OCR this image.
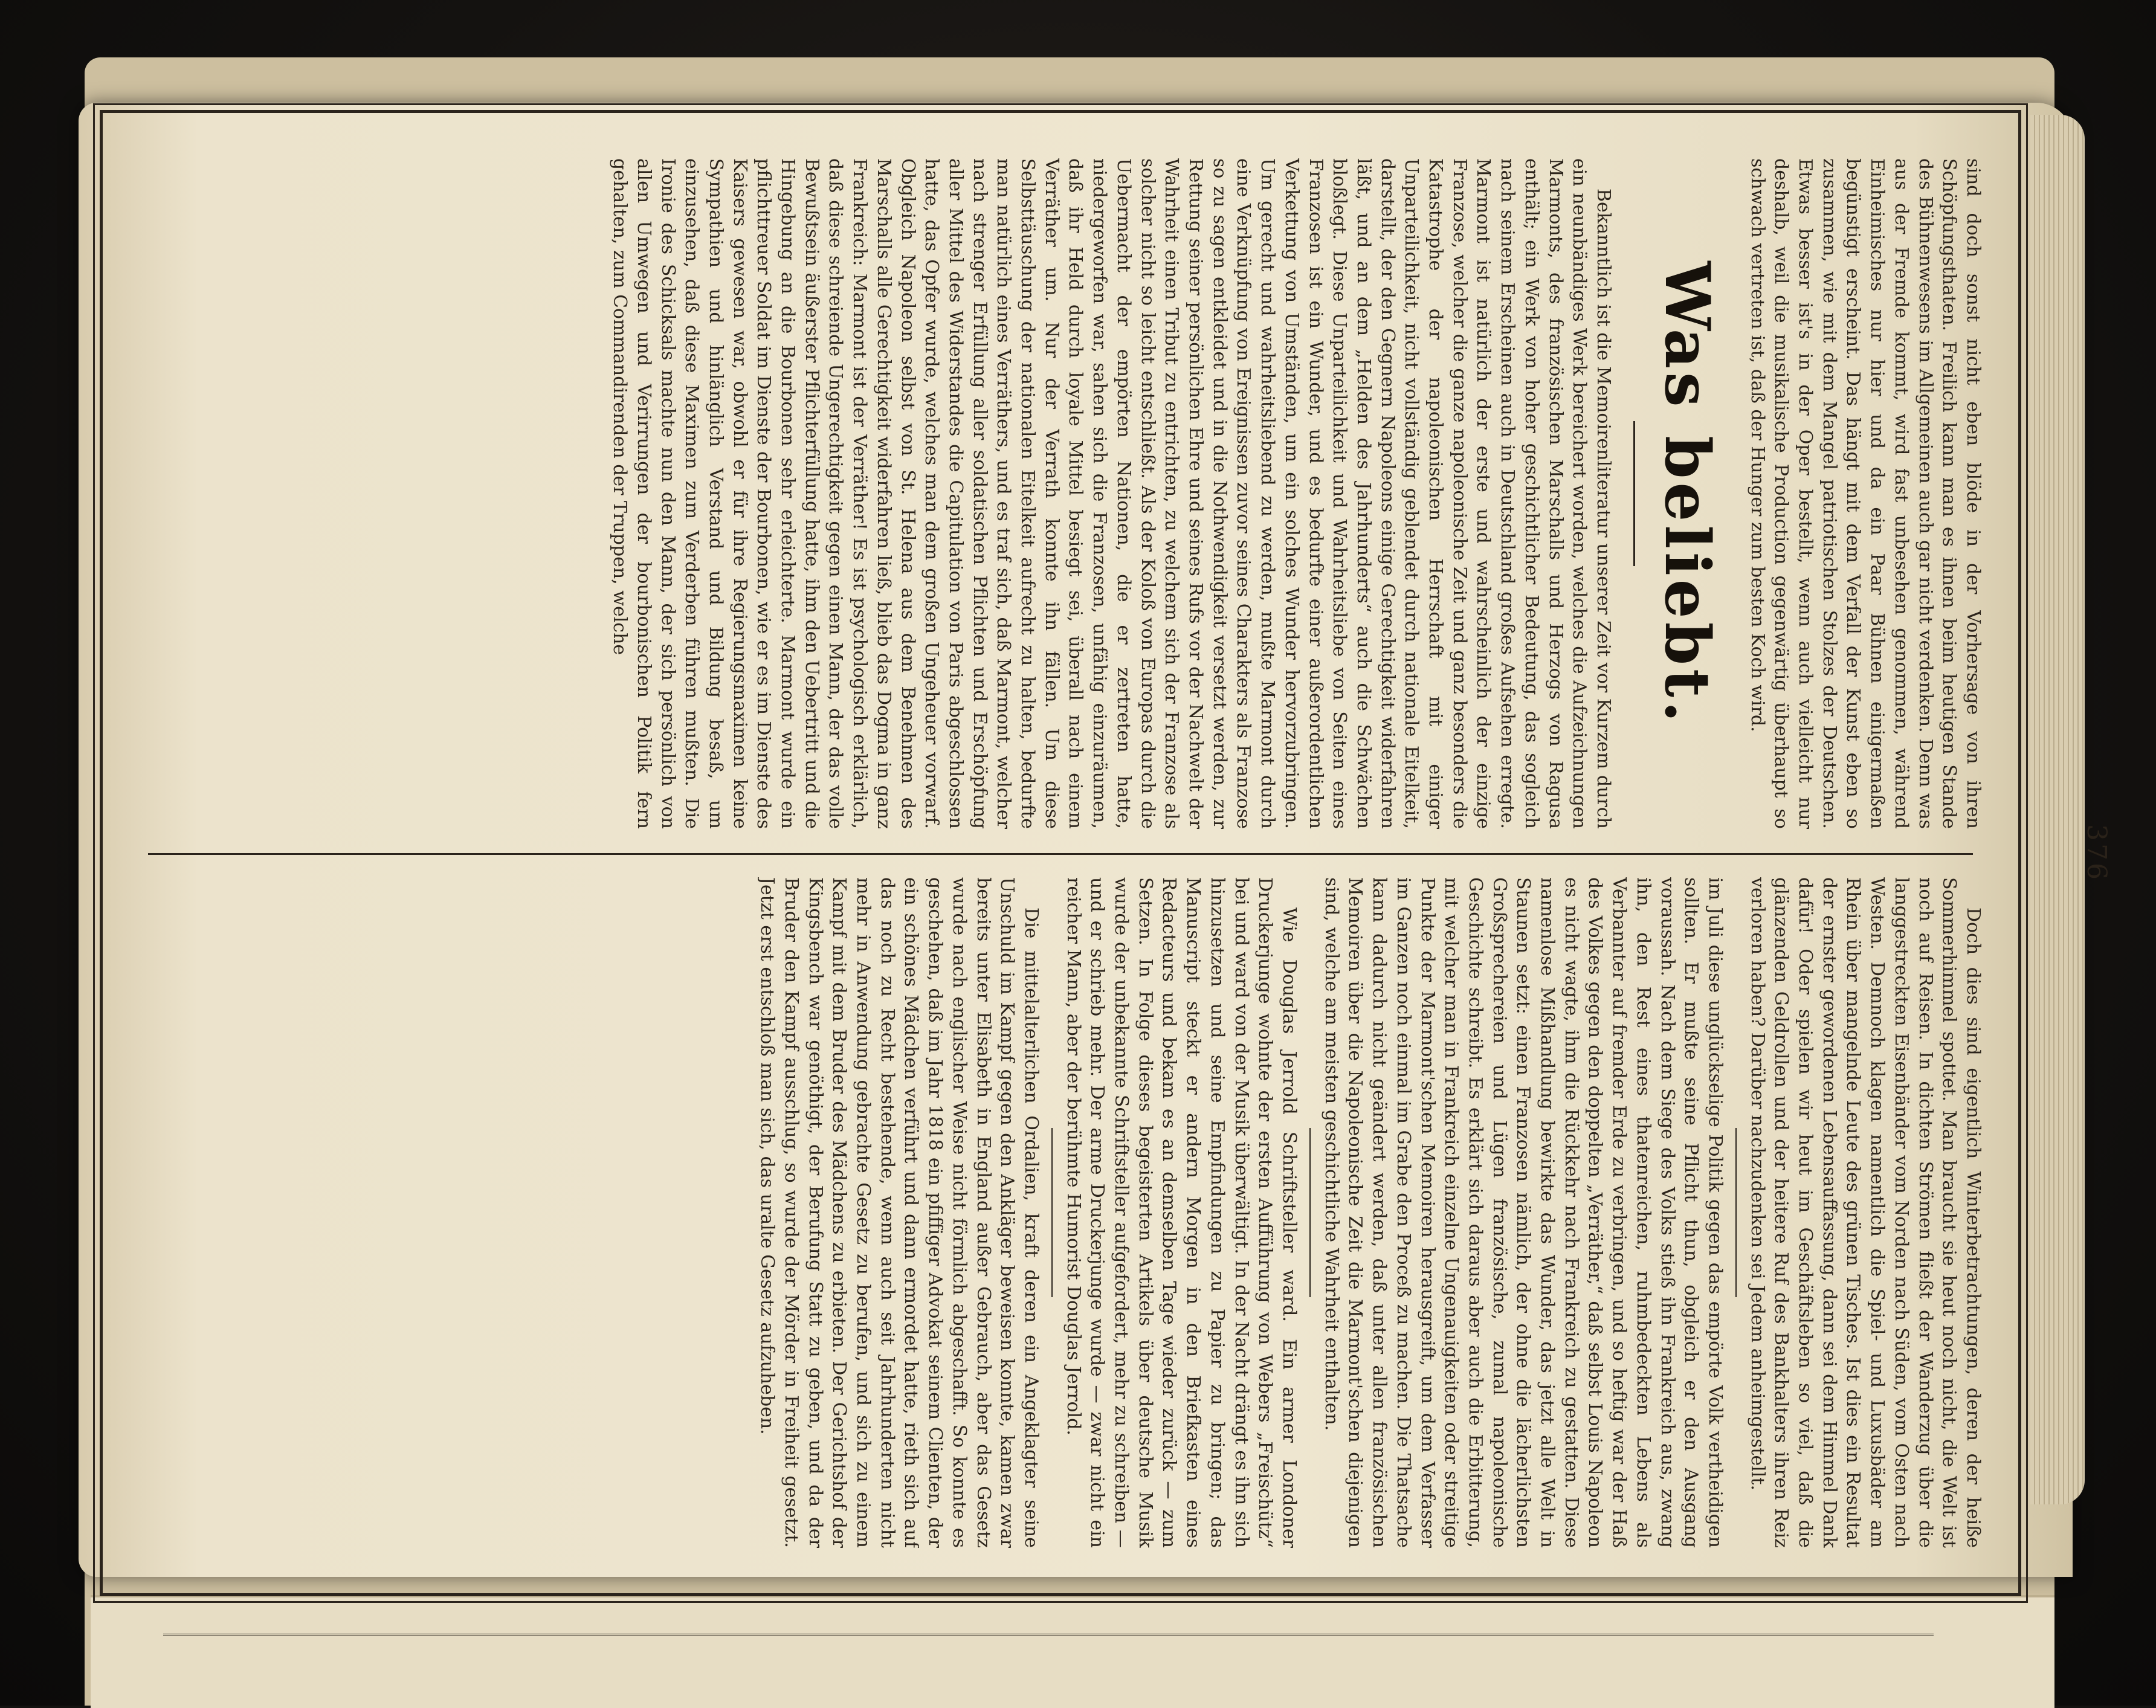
376

sind doch sonst nicht eben blöde in der Vorhersage von ihren Schöpfungsthaten. Freilich kann man es ihnen beim heutigen Stande des Bühnenwesens im Allgemeinen auch gar nicht verdenken. Denn was aus der Fremde kommt, wird fast unbesehen genommen, während Einheimisches nur hier und da ein Paar Bühnen einigermaßen begünstigt erscheint. Das hängt mit dem Verfall der Kunst eben so zusammen, wie mit dem Mangel patriotischen Stolzes der Deutschen. Etwas besser ist's in der Oper bestellt, wenn auch vielleicht nur deshalb, weil die musikalische Production gegenwärtig überhaupt so schwach vertreten ist, daß der Hunger zum besten Koch wird.

Was beliebt.

Bekanntlich ist die Memoirenliteratur unserer Zeit vor Kurzem durch ein neunbändiges Werk bereichert worden, welches die Aufzeichnungen Marmonts, des französischen Marschalls und Herzogs von Ragusa enthält; ein Werk von hoher geschichtlicher Bedeutung, das sogleich nach seinem Erscheinen auch in Deutschland großes Aufsehen erregte. Marmont ist natürlich der erste und wahrscheinlich der einzige Franzose, welcher die ganze napoleonische Zeit und ganz besonders die Katastrophe der napoleonischen Herrschaft mit einiger Unparteilichkeit, nicht vollständig geblendet durch nationale Eitelkeit, darstellt, der den Gegnern Napoleons einige Gerechtigkeit widerfahren läßt, und an dem „Helden des Jahrhunderts“ auch die Schwächen bloßlegt. Diese Unparteilichkeit und Wahrheitsliebe von Seiten eines Franzosen ist ein Wunder, und es bedurfte einer außerordentlichen Verkettung von Umständen, um ein solches Wunder hervorzubringen. Um gerecht und wahrheitsliebend zu werden, mußte Marmont durch eine Verknüpfung von Ereignissen zuvor seines Charakters als Franzose so zu sagen entkleidet und in die Nothwendigkeit versetzt werden, zur Rettung seiner persönlichen Ehre und seines Rufs vor der Nachwelt der Wahrheit einen Tribut zu entrichten, zu welchem sich der Franzose als solcher nicht so leicht entschließt. Als der Koloß von Europas durch die Uebermacht der empörten Nationen, die er zertreten hatte, niedergeworfen war, sahen sich die Franzosen, unfähig einzuräumen, daß ihr Held durch loyale Mittel besiegt sei, überall nach einem Verräther um. Nur der Verrath konnte ihn fällen. Um diese Selbsttäuschung der nationalen Eitelkeit aufrecht zu halten, bedurfte man natürlich eines Verräthers, und es traf sich, daß Marmont, welcher nach strenger Erfüllung aller soldatischen Pflichten und Erschöpfung aller Mittel des Widerstandes die Capitulation von Paris abgeschlossen hatte, das Opfer wurde, welches man dem großen Ungeheuer vorwarf. Obgleich Napoleon selbst von St. Helena aus dem Benehmen des Marschalls alle Gerechtigkeit widerfahren ließ, blieb das Dogma in ganz Frankreich: Marmont ist der Verräther! Es ist psychologisch erklärlich, daß diese schreiende Ungerechtigkeit gegen einen Mann, der das volle Bewußtsein äußerster Pflichterfüllung hatte, ihm den Uebertritt und die Hingebung an die Bourbonen sehr erleichterte. Marmont wurde ein pflichttreuer Soldat im Dienste der Bourbonen, wie er es im Dienste des Kaisers gewesen war, obwohl er für ihre Regierungsmaximen keine Sympathien und hinlänglich Verstand und Bildung besaß, um einzusehen, daß diese Maximen zum Verderben führen mußten. Die Ironie des Schicksals machte nun den Mann, der sich persönlich von allen Umwegen und Verirrungen der bourbonischen Politik fern gehalten, zum Commandirenden der Truppen, welche

Doch dies sind eigentlich Winterbetrachtungen, deren der heiße Sommerhimmel spottet. Man braucht sie heut noch nicht, die Welt ist noch auf Reisen. In dichten Strömen fließt der Wanderzug über die langgestreckten Eisenbänder vom Norden nach Süden, vom Osten nach Westen. Demnoch klagen namentlich die Spiel- und Luxusbäder am Rhein über mangelnde Leute des grünen Tisches. Ist dies ein Resultat der ernster gewordenen Lebensauffassung, dann sei dem Himmel Dank dafür! Oder spielen wir heut im Geschäftsleben so viel, daß die glänzenden Geldrollen und der heitere Ruf des Bankhalters ihren Reiz verloren haben? Darüber nachzudenken sei Jedem anheimgestellt.

im Juli diese unglückselige Politik gegen das empörte Volk vertheidigen sollten. Er mußte seine Pflicht thun, obgleich er den Ausgang voraussah. Nach dem Siege des Volks stieß ihn Frankreich aus, zwang ihn, den Rest eines thatenreichen, ruhmbedeckten Lebens als Verbannter auf fremder Erde zu verbringen, und so heftig war der Haß des Volkes gegen den doppelten „Verräther,“ daß selbst Louis Napoleon es nicht wagte, ihm die Rückkehr nach Frankreich zu gestatten. Diese namenlose Mißhandlung bewirkte das Wunder, das jetzt alle Welt in Staunen setzt: einen Franzosen nämlich, der ohne die lächerlichsten Großsprechereien und Lügen französische, zumal napoleonische Geschichte schreibt. Es erklärt sich daraus aber auch die Erbitterung, mit welcher man in Frankreich einzelne Ungenauigkeiten oder streitige Punkte der Marmont'schen Memoiren herausgreift, um dem Verfasser im Ganzen noch einmal im Grabe den Proceß zu machen. Die Thatsache kann dadurch nicht geändert werden, daß unter allen französischen Memoiren über die Napoleonische Zeit die Marmont'schen diejenigen sind, welche am meisten geschichtliche Wahrheit enthalten.

Wie Douglas Jerrold Schriftsteller ward. Ein armer Londoner Druckerjunge wohnte der ersten Aufführung von Webers „Freischütz“ bei und ward von der Musik überwältigt. In der Nacht drängt es ihn sich hinzusetzen und seine Empfindungen zu Papier zu bringen; das Manuscript steckt er andern Morgen in den Briefkasten eines Redacteurs und bekam es an demselben Tage wieder zurück — zum Setzen. In Folge dieses begeisterten Artikels über deutsche Musik wurde der unbekannte Schriftsteller aufgefordert, mehr zu schreiben — und er schrieb mehr. Der arme Druckerjunge wurde — zwar nicht ein reicher Mann, aber der berühmte Humorist Douglas Jerrold.

Die mittelalterlichen Ordalien, kraft deren ein Angeklagter seine Unschuld im Kampf gegen den Ankläger beweisen konnte, kamen zwar bereits unter Elisabeth in England außer Gebrauch, aber das Gesetz wurde nach englischer Weise nicht förmlich abgeschafft. So konnte es geschehen, daß im Jahr 1818 ein pfiffiger Advokat seinem Clienten, der ein schönes Mädchen verführt und dann ermordet hatte, rieth sich auf das noch zu Recht bestehende, wenn auch seit Jahrhunderten nicht mehr in Anwendung gebrachte Gesetz zu berufen, und sich zu einem Kampf mit dem Bruder des Mädchens zu erbieten. Der Gerichtshof der Kingsbench war genöthigt, der Berufung Statt zu geben, und da der Bruder den Kampf ausschlug, so wurde der Mörder in Freiheit gesetzt. Jetzt erst entschloß man sich, das uralte Gesetz aufzuheben.
